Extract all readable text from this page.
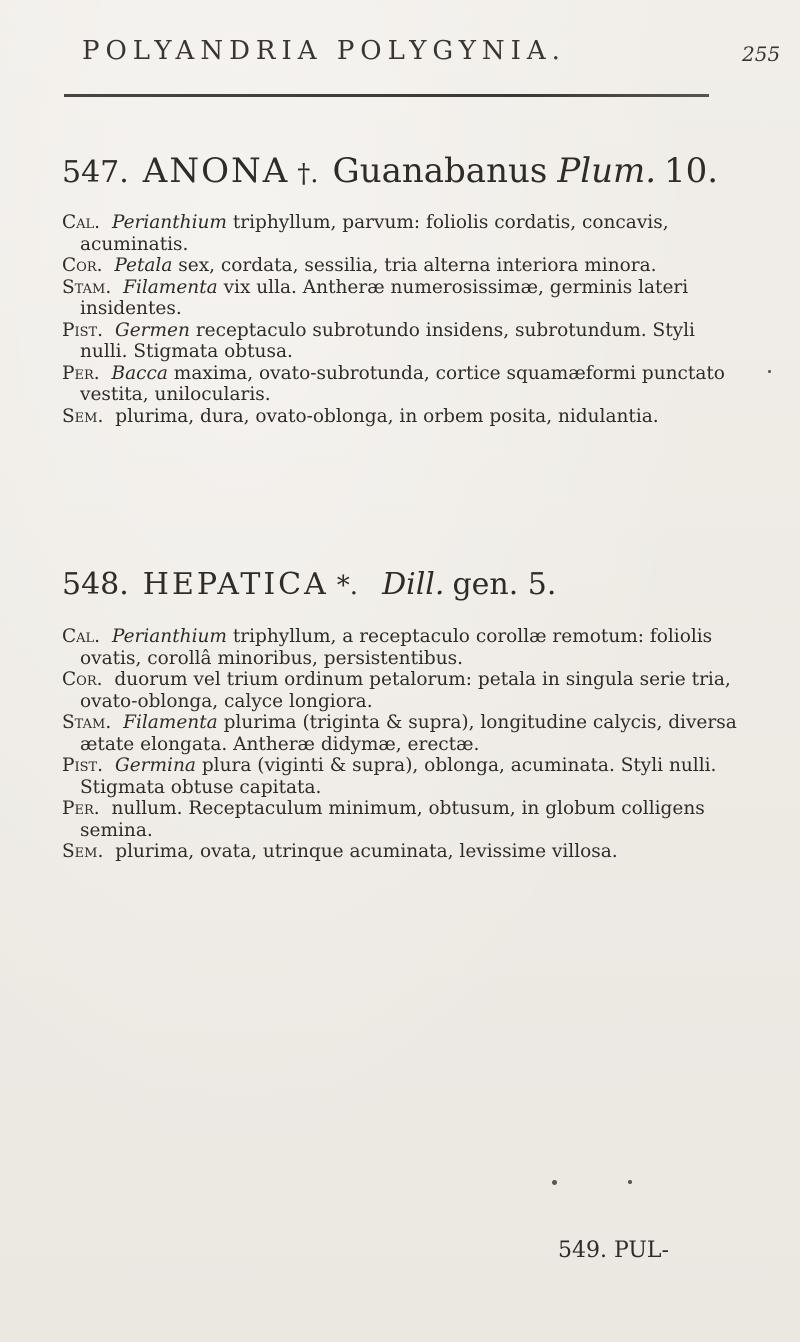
POLYANDRIA POLYGYNIA.	255
547. ANONA †. Guanabanus Plum. 10.

Cal. Perianthium triphyllum, parvum: foliolis cordatis, concavis, acuminatis.

Cor. Petala sex, cordata, sessilia, tria alterna interiora minora.

Stam. Filamenta vix ulla. Antheræ numerosissimæ, germinis lateri insidentes.

Pist. Germen receptaculo subrotundo insidens, subrotundum. Styli nulli. Stigmata obtusa.

Per. Bacca maxima, ovato-subrotunda, cortice squamæformi punctato vestita, unilocularis.

Sem. plurima, dura, ovato-oblonga, in orbem posita, nidulantia.

548. HEPATICA *. Dill. gen. 5.

Cal. Perianthium triphyllum, a receptaculo corollæ remotum: foliolis ovatis, corollâ minoribus, persistentibus.

Cor. duorum vel trium ordinum petalorum: petala in singula serie tria, ovato-oblonga, calyce longiora.

Stam. Filamenta plurima (triginta & supra), longitudine calycis, diversa ætate elongata. Antheræ didymæ, erectæ.

Pist. Germina plura (viginti & supra), oblonga, acuminata. Styli nulli. Stigmata obtuse capitata.

Per. nullum. Receptaculum minimum, obtusum, in globum colligens semina.

Sem. plurima, ovata, utrinque acuminata, levissime villosa.

549. PUL-
